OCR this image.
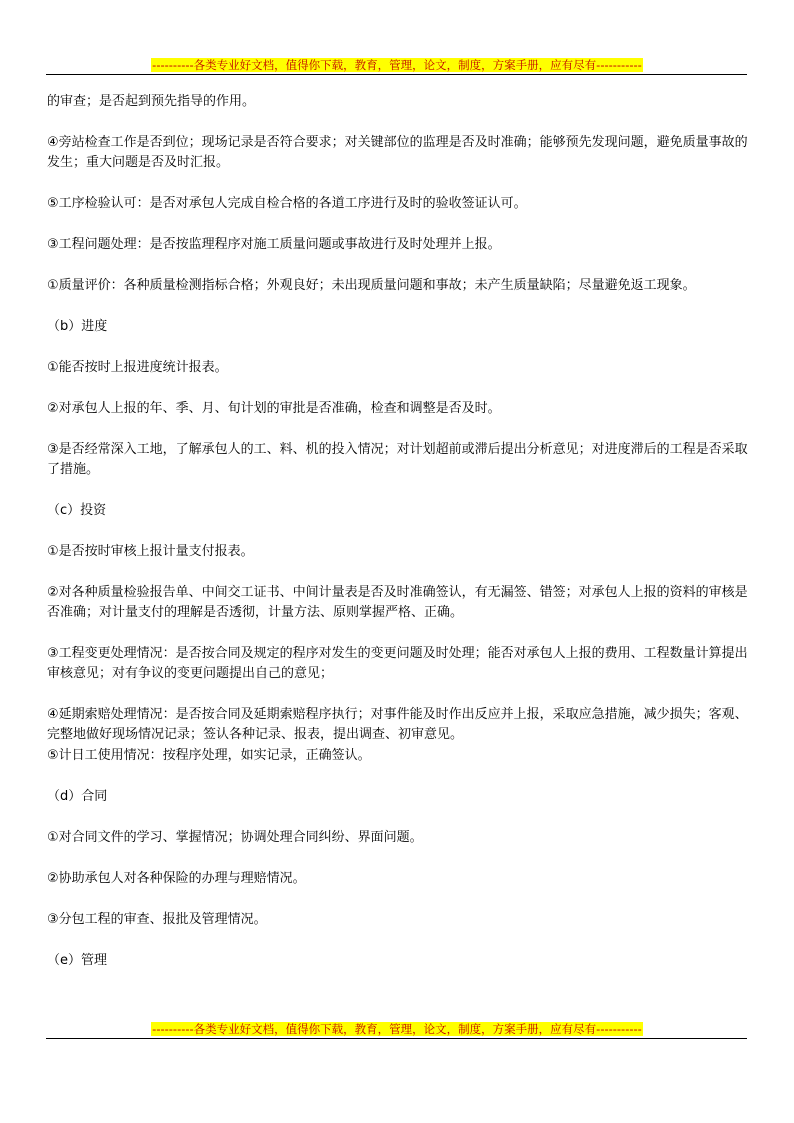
----------各类专业好文档，值得你下载，教育，管理，论文，制度，方案手册，应有尽有-----------

的审查；是否起到预先指导的作用。

④旁站检查工作是否到位；现场记录是否符合要求；对关键部位的监理是否及时准确；能够预先发现问题，避免质量事故的发生；重大问题是否及时汇报。

⑤工序检验认可：是否对承包人完成自检合格的各道工序进行及时的验收签证认可。

③工程问题处理：是否按监理程序对施工质量问题或事故进行及时处理并上报。

①质量评价：各种质量检测指标合格；外观良好；未出现质量问题和事故；未产生质量缺陷；尽量避免返工现象。

（b）进度

①能否按时上报进度统计报表。

②对承包人上报的年、季、月、旬计划的审批是否准确，检查和调整是否及时。

③是否经常深入工地，了解承包人的工、料、机的投入情况；对计划超前或滞后提出分析意见；对进度滞后的工程是否采取了措施。

（c）投资

①是否按时审核上报计量支付报表。

②对各种质量检验报告单、中间交工证书、中间计量表是否及时准确签认，有无漏签、错签；对承包人上报的资料的审核是否准确；对计量支付的理解是否透彻，计量方法、原则掌握严格、正确。

③工程变更处理情况：是否按合同及规定的程序对发生的变更问题及时处理；能否对承包人上报的费用、工程数量计算提出审核意见；对有争议的变更问题提出自己的意见；

④延期索赔处理情况：是否按合同及延期索赔程序执行；对事件能及时作出反应并上报，采取应急措施，减少损失；客观、完整地做好现场情况记录；签认各种记录、报表，提出调查、初审意见。

⑤计日工使用情况：按程序处理，如实记录，正确签认。

（d）合同

①对合同文件的学习、掌握情况；协调处理合同纠纷、界面问题。

②协助承包人对各种保险的办理与理赔情况。

③分包工程的审查、报批及管理情况。

（e）管理

----------各类专业好文档，值得你下载，教育，管理，论文，制度，方案手册，应有尽有-----------
